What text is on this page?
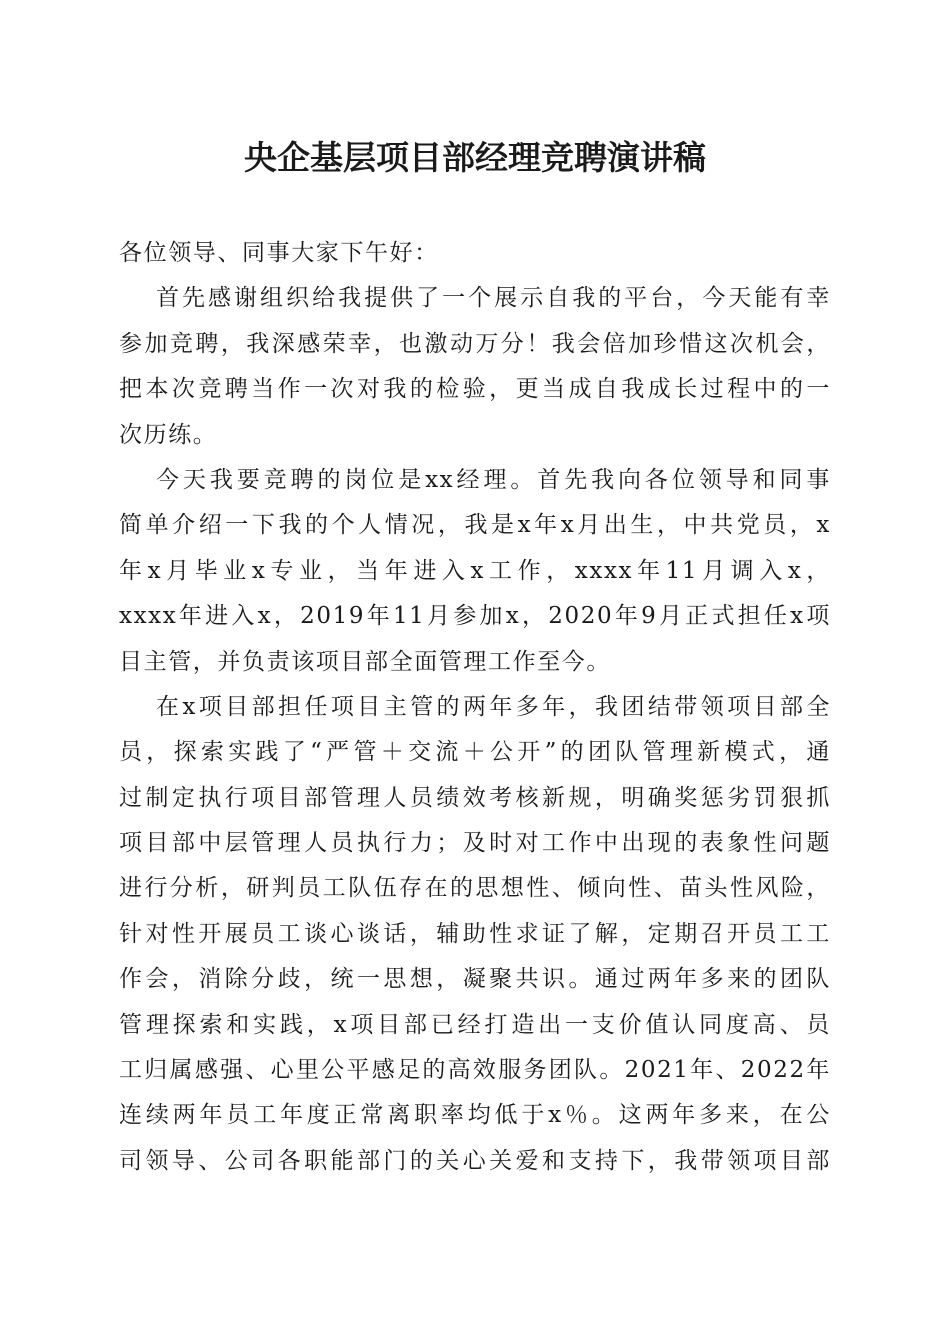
央企基层项目部经理竞聘演讲稿
各位领导、同事大家下午好：
首先感谢组织给我提供了一个展示自我的平台，今天能有幸
参加竞聘，我深感荣幸，也激动万分！我会倍加珍惜这次机会，
把本次竞聘当作一次对我的检验，更当成自我成长过程中的一
次历练。
今天我要竞聘的岗位是xx经理。首先我向各位领导和同事
简单介绍一下我的个人情况，我是x年x月出生，中共党员，x
年x月毕业x专业，当年进入x工作，xxxx年11月调入x，
xxxx年进入x，2019年11月参加x，2020年9月正式担任x项
目主管，并负责该项目部全面管理工作至今。
在x项目部担任项目主管的两年多年，我团结带领项目部全
员，探索实践了“严管＋交流＋公开”的团队管理新模式，通
过制定执行项目部管理人员绩效考核新规，明确奖惩劣罚狠抓
项目部中层管理人员执行力；及时对工作中出现的表象性问题
进行分析，研判员工队伍存在的思想性、倾向性、苗头性风险，
针对性开展员工谈心谈话，辅助性求证了解，定期召开员工工
作会，消除分歧，统一思想，凝聚共识。通过两年多来的团队
管理探索和实践，x项目部已经打造出一支价值认同度高、员
工归属感强、心里公平感足的高效服务团队。2021年、2022年
连续两年员工年度正常离职率均低于x％。这两年多来，在公
司领导、公司各职能部门的关心关爱和支持下，我带领项目部
